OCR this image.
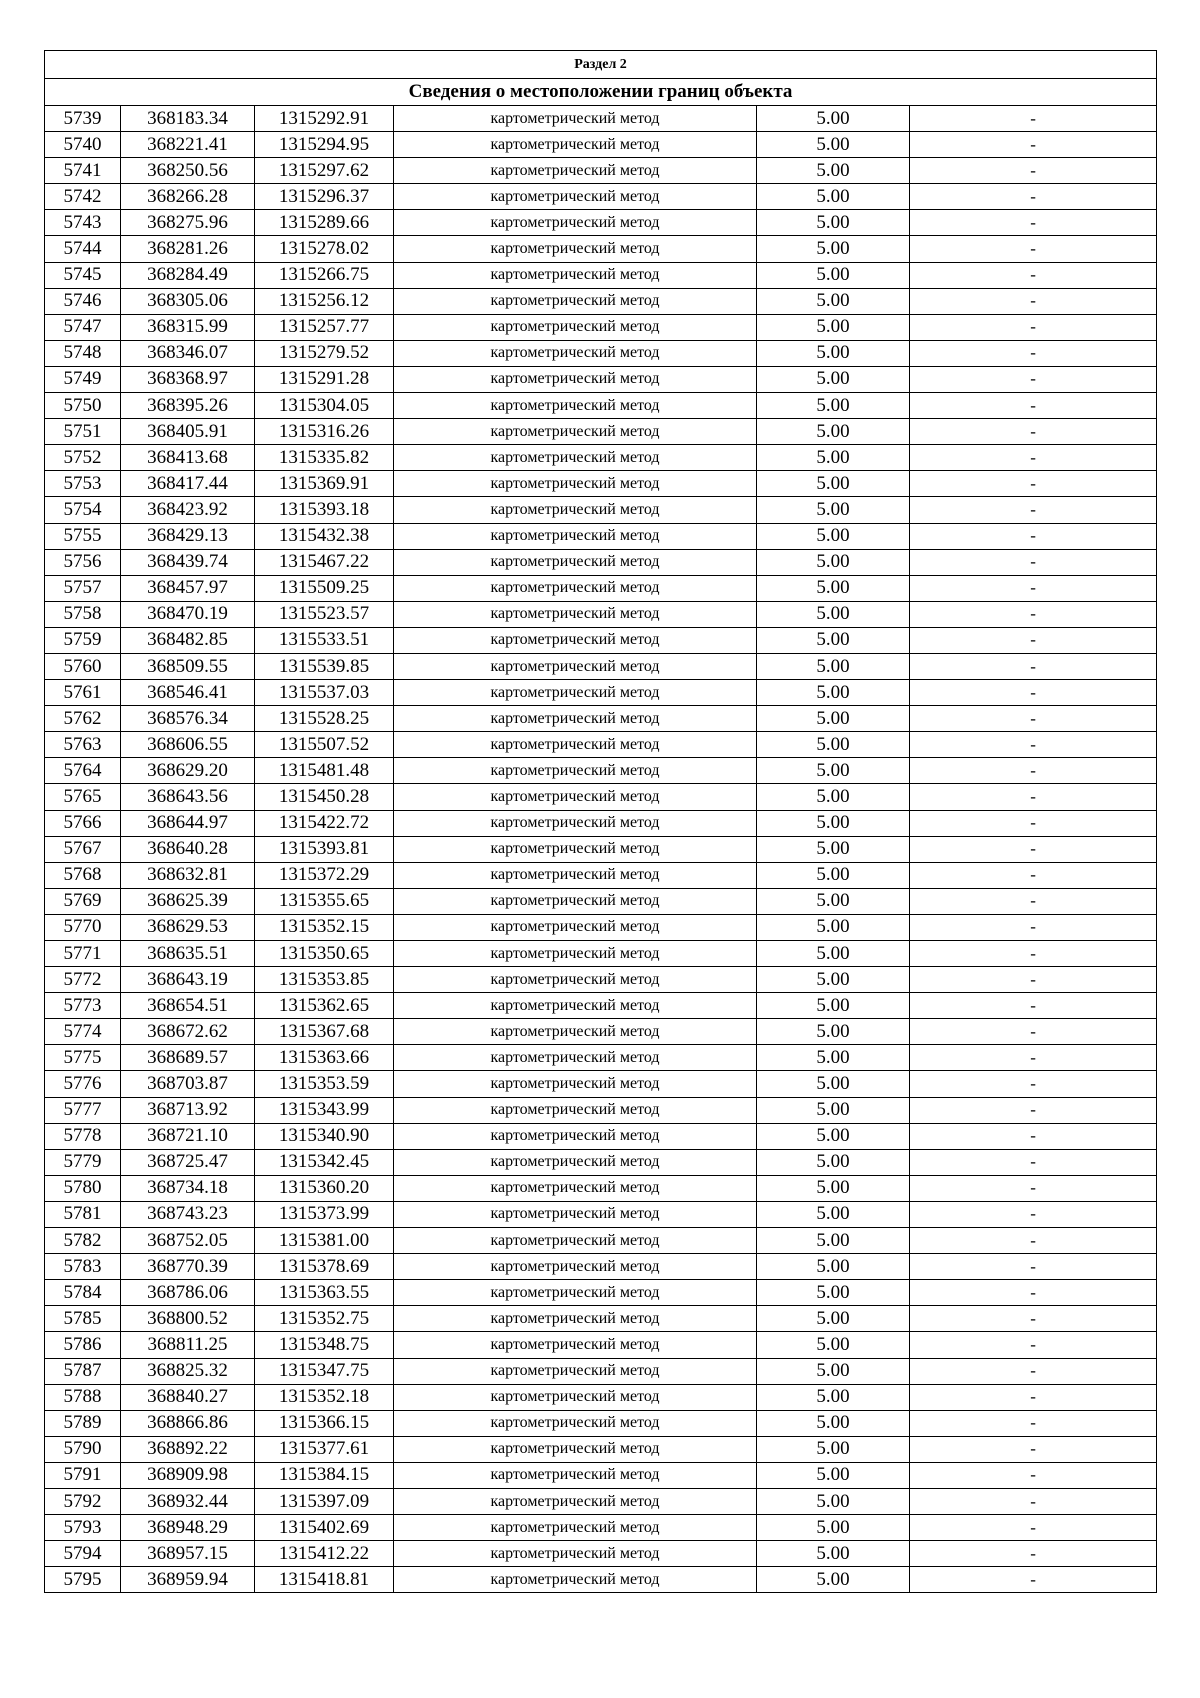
Раздел 2					
Сведения о местоположении границ объекта					
5739	368183.34	1315292.91	картометрический метод	5.00	-
5740	368221.41	1315294.95	картометрический метод	5.00	-
5741	368250.56	1315297.62	картометрический метод	5.00	-
5742	368266.28	1315296.37	картометрический метод	5.00	-
5743	368275.96	1315289.66	картометрический метод	5.00	-
5744	368281.26	1315278.02	картометрический метод	5.00	-
5745	368284.49	1315266.75	картометрический метод	5.00	-
5746	368305.06	1315256.12	картометрический метод	5.00	-
5747	368315.99	1315257.77	картометрический метод	5.00	-
5748	368346.07	1315279.52	картометрический метод	5.00	-
5749	368368.97	1315291.28	картометрический метод	5.00	-
5750	368395.26	1315304.05	картометрический метод	5.00	-
5751	368405.91	1315316.26	картометрический метод	5.00	-
5752	368413.68	1315335.82	картометрический метод	5.00	-
5753	368417.44	1315369.91	картометрический метод	5.00	-
5754	368423.92	1315393.18	картометрический метод	5.00	-
5755	368429.13	1315432.38	картометрический метод	5.00	-
5756	368439.74	1315467.22	картометрический метод	5.00	-
5757	368457.97	1315509.25	картометрический метод	5.00	-
5758	368470.19	1315523.57	картометрический метод	5.00	-
5759	368482.85	1315533.51	картометрический метод	5.00	-
5760	368509.55	1315539.85	картометрический метод	5.00	-
5761	368546.41	1315537.03	картометрический метод	5.00	-
5762	368576.34	1315528.25	картометрический метод	5.00	-
5763	368606.55	1315507.52	картометрический метод	5.00	-
5764	368629.20	1315481.48	картометрический метод	5.00	-
5765	368643.56	1315450.28	картометрический метод	5.00	-
5766	368644.97	1315422.72	картометрический метод	5.00	-
5767	368640.28	1315393.81	картометрический метод	5.00	-
5768	368632.81	1315372.29	картометрический метод	5.00	-
5769	368625.39	1315355.65	картометрический метод	5.00	-
5770	368629.53	1315352.15	картометрический метод	5.00	-
5771	368635.51	1315350.65	картометрический метод	5.00	-
5772	368643.19	1315353.85	картометрический метод	5.00	-
5773	368654.51	1315362.65	картометрический метод	5.00	-
5774	368672.62	1315367.68	картометрический метод	5.00	-
5775	368689.57	1315363.66	картометрический метод	5.00	-
5776	368703.87	1315353.59	картометрический метод	5.00	-
5777	368713.92	1315343.99	картометрический метод	5.00	-
5778	368721.10	1315340.90	картометрический метод	5.00	-
5779	368725.47	1315342.45	картометрический метод	5.00	-
5780	368734.18	1315360.20	картометрический метод	5.00	-
5781	368743.23	1315373.99	картометрический метод	5.00	-
5782	368752.05	1315381.00	картометрический метод	5.00	-
5783	368770.39	1315378.69	картометрический метод	5.00	-
5784	368786.06	1315363.55	картометрический метод	5.00	-
5785	368800.52	1315352.75	картометрический метод	5.00	-
5786	368811.25	1315348.75	картометрический метод	5.00	-
5787	368825.32	1315347.75	картометрический метод	5.00	-
5788	368840.27	1315352.18	картометрический метод	5.00	-
5789	368866.86	1315366.15	картометрический метод	5.00	-
5790	368892.22	1315377.61	картометрический метод	5.00	-
5791	368909.98	1315384.15	картометрический метод	5.00	-
5792	368932.44	1315397.09	картометрический метод	5.00	-
5793	368948.29	1315402.69	картометрический метод	5.00	-
5794	368957.15	1315412.22	картометрический метод	5.00	-
5795	368959.94	1315418.81	картометрический метод	5.00	-
